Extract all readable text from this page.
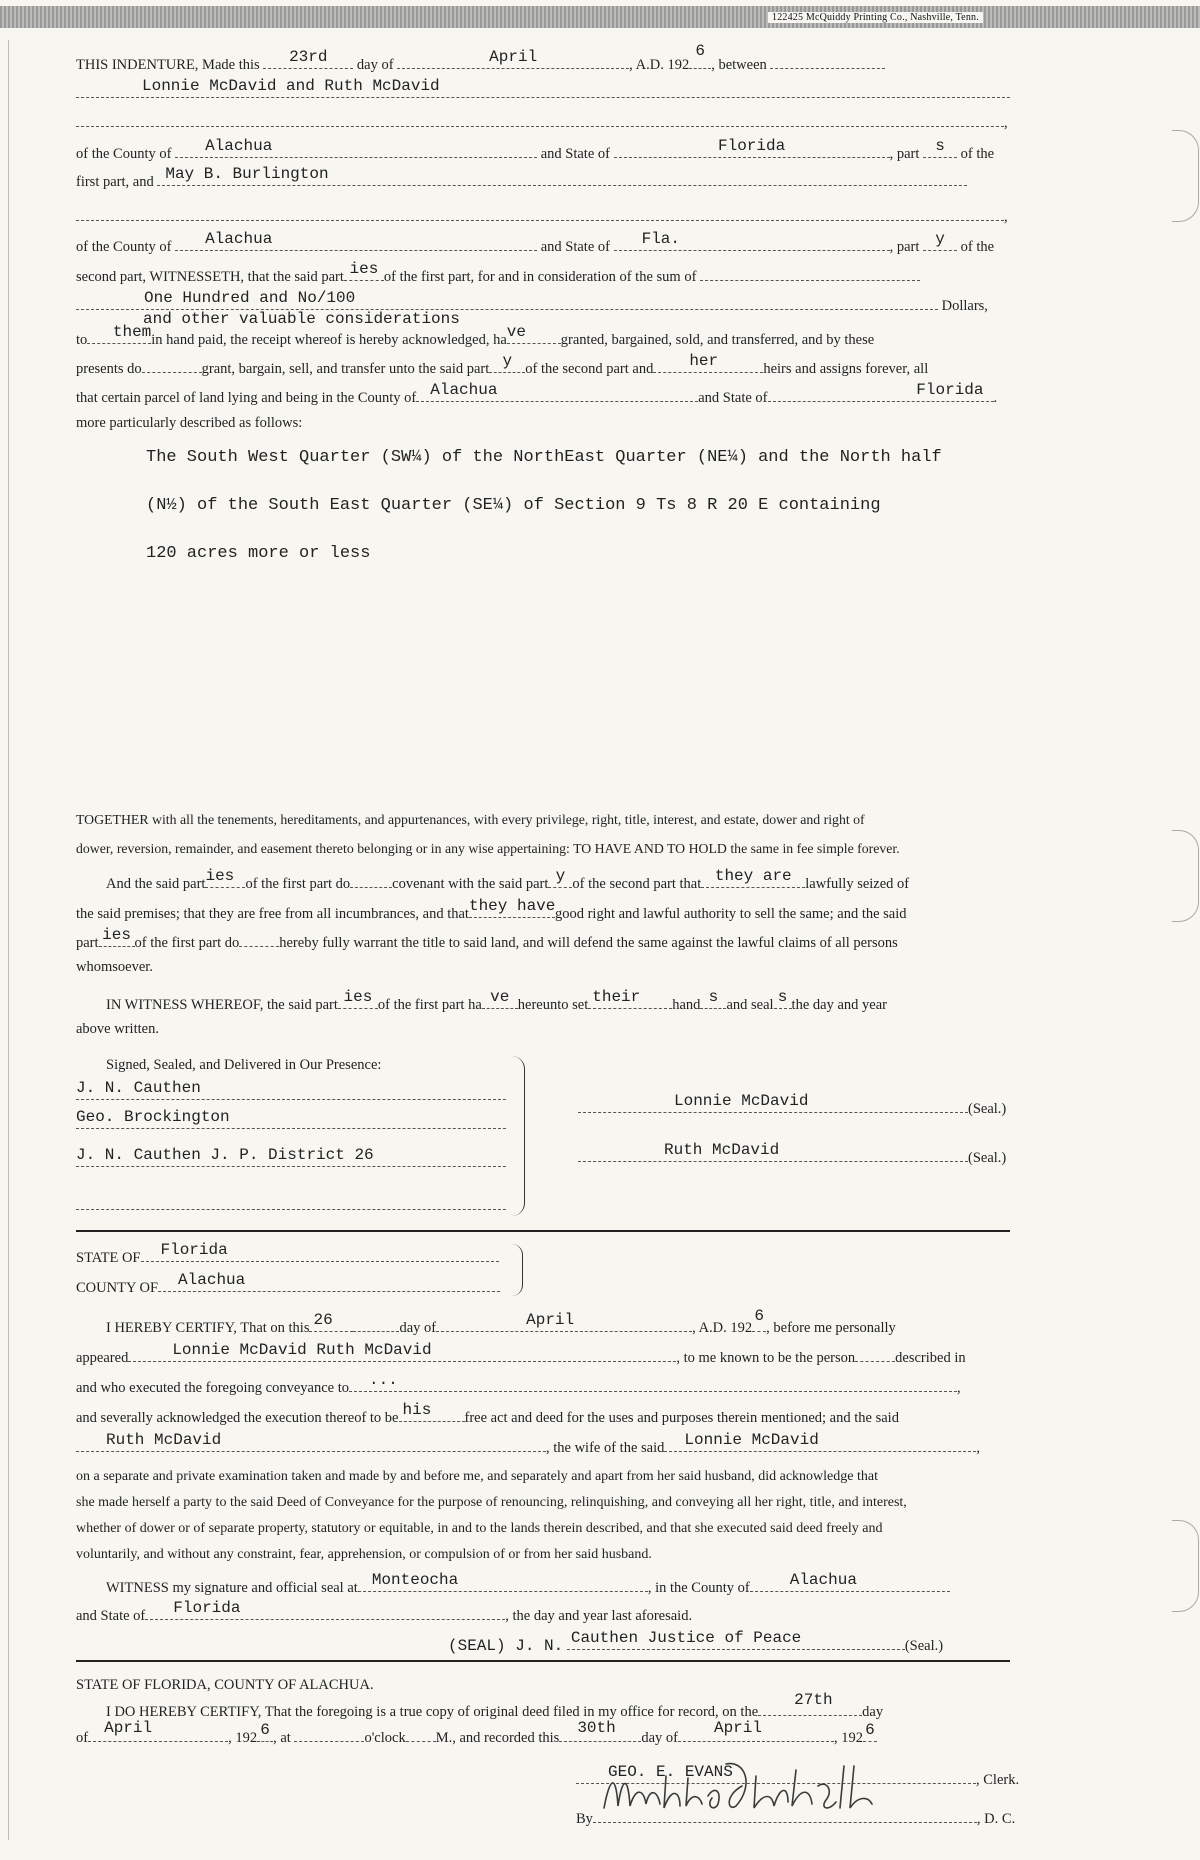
122425 McQuiddy Printing Co., Nashville, Tenn.
THIS INDENTURE, Made this	23rd	day of	April	, A.D. 192
6
, between
Lonnie McDavid and Ruth McDavid
,
of the County of Alachua	and State of	Florida	, part s	of the
first part, and May B. Burlington
,
of the County of Alachua	and State of Fla.	, part y	of the
second part, WITNESSETH, that the said part ies of the first part, for and in consideration of the sum of
One Hundred and No/100	Dollars,
and other valuable considerations
to them in hand paid, the receipt whereof is hereby acknowledged, ha ve	granted, bargained, sold, and transferred, and by these
presents do	grant, bargain, sell, and transfer unto the said part y of the second part and her	heirs and assigns forever, all
that certain parcel of land lying and being in the County of Alachua	and State of	Florida .
more particularly described as follows:
The South West Quarter (SW¼) of the NorthEast Quarter (NE¼) and the North half
(N½) of the South East Quarter (SE¼) of Section 9 Ts 8 R 20 E containing
120 acres more or less
TOGETHER with all the tenements, hereditaments, and appurtenances, with every privilege, right, title, interest, and estate, dower and right of
dower, reversion, remainder, and easement thereto belonging or in any wise appertaining: TO HAVE AND TO HOLD the same in fee simple forever.
And the said part ies of the first part do	covenant with the said part y of the second part that they are lawfully seized of
the said premises; that they are free from all incumbrances, and that they have good right and lawful authority to sell the same; and the said
part ies of the first part do	hereby fully warrant the title to said land, and will defend the same against the lawful claims of all persons
whomsoever.
IN WITNESS WHEREOF, the said part ies of the first part ha ve hereunto set their	hand s and seal s the day and year
above written.
Signed, Sealed, and Delivered in Our Presence:
J. N. Cauthen
Geo. Brockington
J. N. Cauthen J. P. District 26
Lonnie McDavid	(Seal.)
Ruth McDavid	(Seal.)
STATE OF Florida
COUNTY OF Alachua
I HEREBY CERTIFY, That on this 26	day of	April	, A.D. 192
6
, before me personally
appeared	Lonnie McDavid Ruth McDavid	, to me known to be the person	described in
and who executed the foregoing conveyance to ...	,
and severally acknowledged the execution thereof to be his	free act and deed for the uses and purposes therein mentioned; and the said
Ruth McDavid	, the wife of the said Lonnie McDavid	,
on a separate and private examination taken and made by and before me, and separately and apart from her said husband, did acknowledge that
she made herself a party to the said Deed of Conveyance for the purpose of renouncing, relinquishing, and conveying all her right, title, and interest,
whether of dower or of separate property, statutory or equitable, in and to the lands therein described, and that she executed said deed freely and
voluntarily, and without any constraint, fear, apprehension, or compulsion of or from her said husband.
WITNESS my signature and official seal at Monteocha	, in the County of	Alachua
and State of Florida	, the day and year last aforesaid.
(SEAL) J. N. Cauthen Justice of Peace	(Seal.)
STATE OF FLORIDA, COUNTY OF ALACHUA.
I DO HEREBY CERTIFY, That the foregoing is a true copy of original deed filed in my office for record, on the
27th
day
of
April
, 192 6 , at	o'clock M., and recorded this
30th
day of
April
, 192 6
GEO. E. EVANS	, Clerk.
By	, D. C.
